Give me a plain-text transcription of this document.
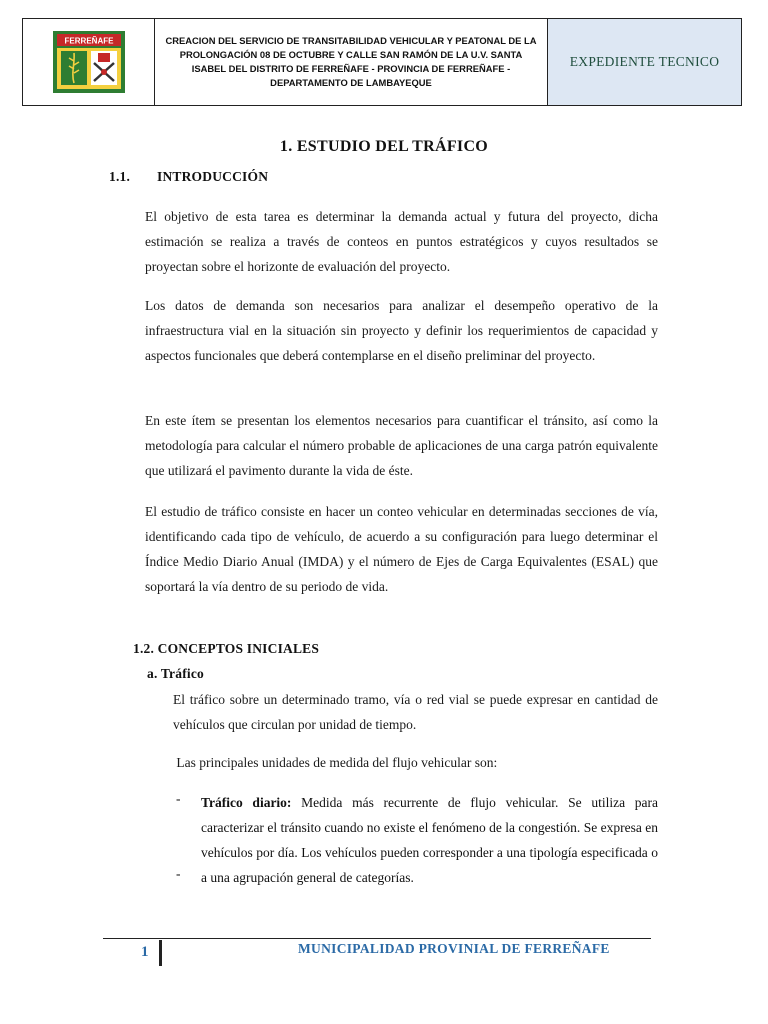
FERREÑAFE	CREACION DEL SERVICIO DE TRANSITABILIDAD VEHICULAR Y PEATONAL DE LA PROLONGACIÓN 08 DE OCTUBRE Y CALLE SAN RAMÓN DE LA U.V. SANTA ISABEL DEL DISTRITO DE FERREÑAFE - PROVINCIA DE FERREÑAFE - DEPARTAMENTO DE LAMBAYEQUE
EXPEDIENTE TECNICO
1. ESTUDIO DEL TRÁFICO
1.1. INTRODUCCIÓN
El objetivo de esta tarea es determinar la demanda actual y futura del proyecto, dicha estimación se realiza a través de conteos en puntos estratégicos y cuyos resultados se proyectan sobre el horizonte de evaluación del proyecto.
Los datos de demanda son necesarios para analizar el desempeño operativo de la infraestructura vial en la situación sin proyecto y definir los requerimientos de capacidad y aspectos funcionales que deberá contemplarse en el diseño preliminar del proyecto.
En este ítem se presentan los elementos necesarios para cuantificar el tránsito, así como la metodología para calcular el número probable de aplicaciones de una carga patrón equivalente que utilizará el pavimento durante la vida de éste.
El estudio de tráfico consiste en hacer un conteo vehicular en determinadas secciones de vía, identificando cada tipo de vehículo, de acuerdo a su configuración para luego determinar el Índice Medio Diario Anual (IMDA) y el número de Ejes de Carga Equivalentes (ESAL) que soportará la vía dentro de su periodo de vida.
1.2. CONCEPTOS INICIALES
a. Tráfico
El tráfico sobre un determinado tramo, vía o red vial se puede expresar en cantidad de vehículos que circulan por unidad de tiempo.
Las principales unidades de medida del flujo vehicular son:
- Tráfico diario: Medida más recurrente de flujo vehicular. Se utiliza para caracterizar el tránsito cuando no existe el fenómeno de la congestión. Se expresa en vehículos por día. Los vehículos pueden corresponder a una tipología especificada o a una agrupación general de categorías.
-
1	MUNICIPALIDAD PROVINIAL DE FERREÑAFE
